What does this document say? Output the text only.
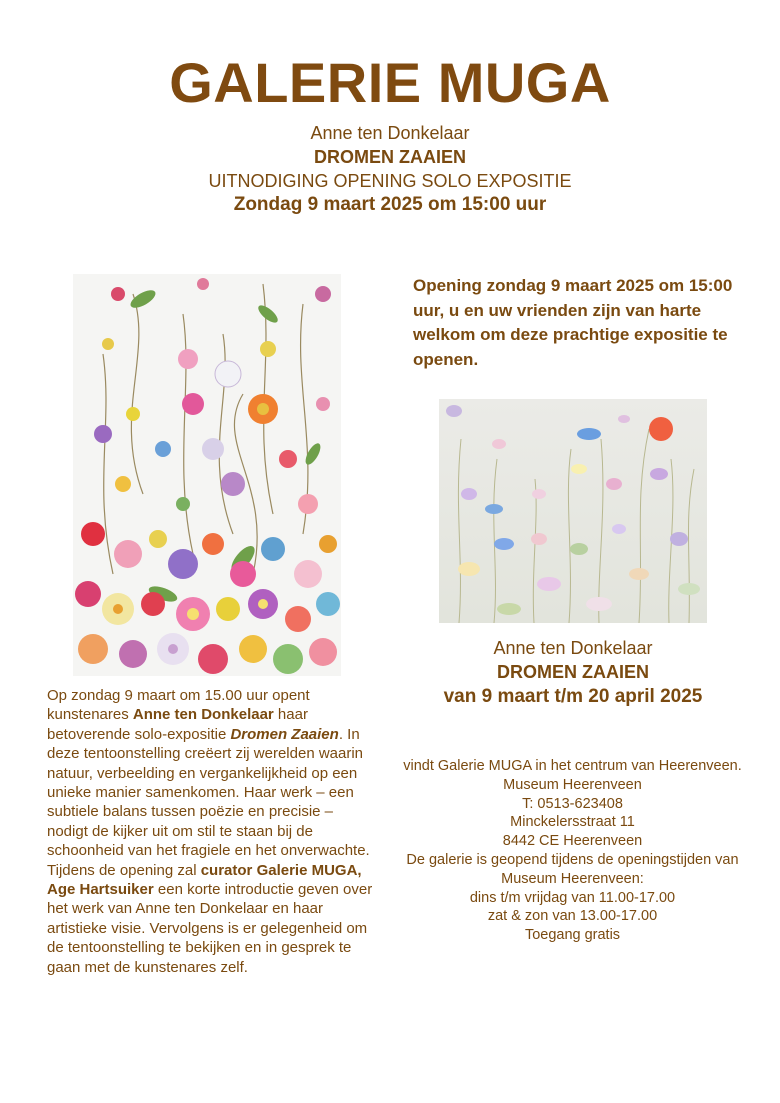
GALERIE MUGA
Anne ten Donkelaar
DROMEN ZAAIEN
UITNODIGING OPENING SOLO EXPOSITIE
Zondag 9 maart 2025 om 15:00 uur
Opening zondag 9 maart 2025 om 15:00 uur, u en uw vrienden zijn van harte welkom om deze prachtige expositie te openen.
Anne ten Donkelaar
DROMEN ZAAIEN
van 9 maart t/m 20 april 2025
Op zondag 9 maart om 15.00 uur opent kunstenares Anne ten Donkelaar haar betoverende solo-expositie Dromen Zaaien. In deze tentoonstelling creëert zij werelden waarin natuur, verbeelding en vergankelijkheid op een unieke manier samenkomen. Haar werk – een subtiele balans tussen poëzie en precisie – nodigt de kijker uit om stil te staan bij de schoonheid van het fragiele en het onverwachte.
Tijdens de opening zal curator Galerie MUGA, Age Hartsuiker een korte introductie geven over het werk van Anne ten Donkelaar en haar artistieke visie. Vervolgens is er gelegenheid om de tentoonstelling te bekijken en in gesprek te gaan met de kunstenares zelf.
vindt Galerie MUGA in het centrum van Heerenveen.
Museum Heerenveen
T: 0513-623408
Minckelersstraat 11
8442 CE Heerenveen
De galerie is geopend tijdens de openingstijden van Museum Heerenveen:
dins t/m vrijdag van 11.00-17.00
zat & zon van 13.00-17.00
Toegang gratis
